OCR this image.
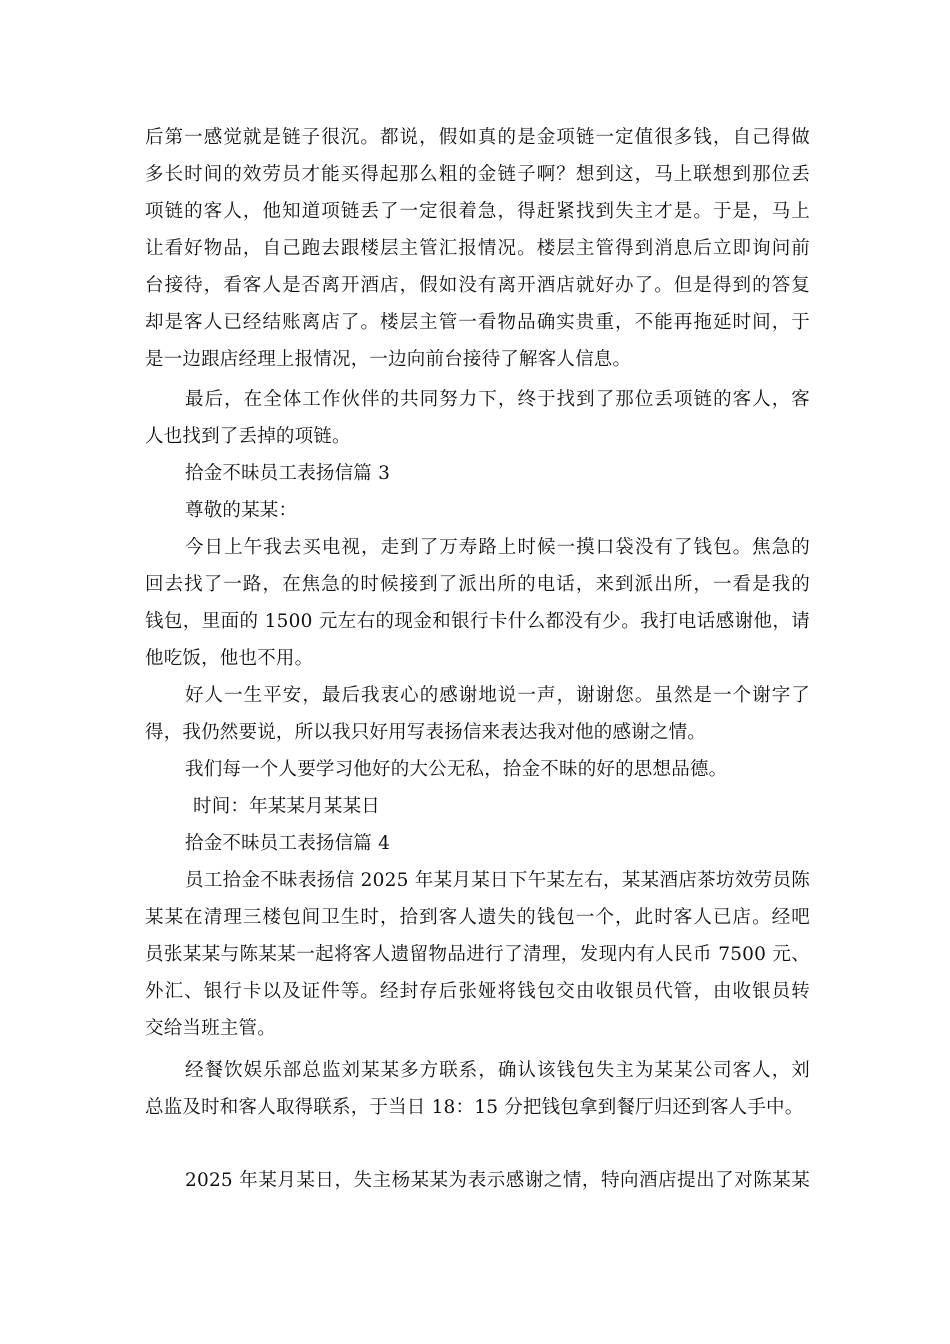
后第一感觉就是链子很沉。都说，假如真的是金项链一定值很多钱，自己得做
多长时间的效劳员才能买得起那么粗的金链子啊？想到这，马上联想到那位丢
项链的客人，他知道项链丢了一定很着急，得赶紧找到失主才是。于是，马上
让看好物品，自己跑去跟楼层主管汇报情况。楼层主管得到消息后立即询问前
台接待，看客人是否离开酒店，假如没有离开酒店就好办了。但是得到的答复
却是客人已经结账离店了。楼层主管一看物品确实贵重，不能再拖延时间，于
是一边跟店经理上报情况，一边向前台接待了解客人信息。
最后，在全体工作伙伴的共同努力下，终于找到了那位丢项链的客人，客
人也找到了丢掉的项链。
拾金不昧员工表扬信篇 3
尊敬的某某：
今日上午我去买电视，走到了万寿路上时候一摸口袋没有了钱包。焦急的
回去找了一路，在焦急的时候接到了派出所的电话，来到派出所，一看是我的
钱包，里面的 1500 元左右的现金和银行卡什么都没有少。我打电话感谢他，请
他吃饭，他也不用。
好人一生平安，最后我衷心的感谢地说一声，谢谢您。虽然是一个谢字了
得，我仍然要说，所以我只好用写表扬信来表达我对他的感谢之情。
我们每一个人要学习他好的大公无私，拾金不昧的好的思想品德。
时间：年某某月某某日
拾金不昧员工表扬信篇 4
员工拾金不昧表扬信 2025 年某月某日下午某左右，某某酒店茶坊效劳员陈
某某在清理三楼包间卫生时，拾到客人遗失的钱包一个，此时客人已店。经吧
员张某某与陈某某一起将客人遗留物品进行了清理，发现内有人民币 7500 元、
外汇、银行卡以及证件等。经封存后张娅将钱包交由收银员代管，由收银员转
交给当班主管。
经餐饮娱乐部总监刘某某多方联系，确认该钱包失主为某某公司客人，刘
总监及时和客人取得联系，于当日 18：15 分把钱包拿到餐厅归还到客人手中。
2025 年某月某日，失主杨某某为表示感谢之情，特向酒店提出了对陈某某
